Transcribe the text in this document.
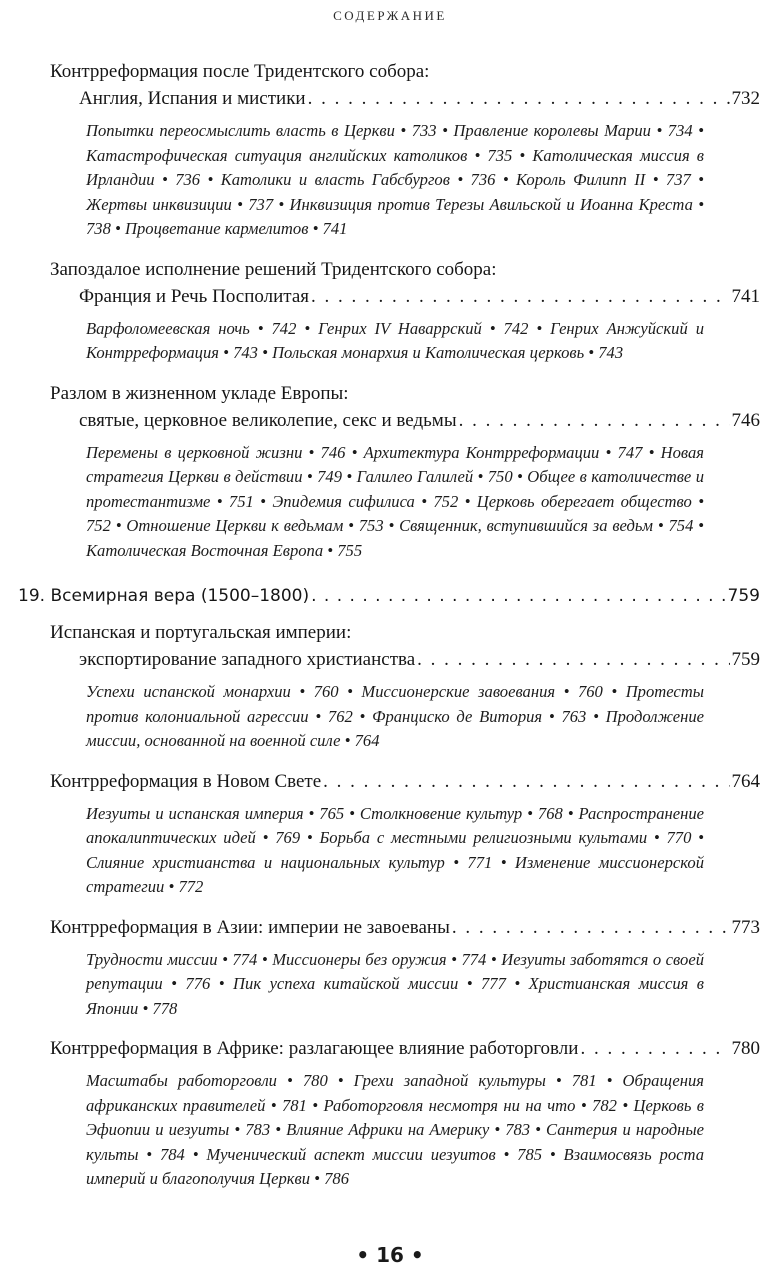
СОДЕРЖАНИЕ
Контрреформация после Тридентского собора:
Англия, Испания и мистики . . .	732
Попытки переосмыслить власть в Церкви • 733 • Правление королевы Марии • 734 • Катастрофическая ситуация английских католиков • 735 • Католическая миссия в Ирландии • 736 • Католики и власть Габсбургов • 736 • Король Филипп II • 737 • Жертвы инквизиции • 737 • Инквизиция против Терезы Авильской и Иоанна Креста • 738 • Процветание кармелитов • 741
Запоздалое исполнение решений Тридентского собора:
Франция и Речь Посполитая . . .	741
Варфоломеевская ночь • 742 • Генрих IV Наваррский • 742 • Генрих Анжуйский и Контрреформация • 743 • Польская монархия и Католическая церковь • 743
Разлом в жизненном укладе Европы:
святые, церковное великолепие, секс и ведьмы . . .	746
Перемены в церковной жизни • 746 • Архитектура Контрреформации • 747 • Новая стратегия Церкви в действии • 749 • Галилео Галилей • 750 • Общее в католичестве и протестантизме • 751 • Эпидемия сифилиса • 752 • Церковь оберегает общество • 752 • Отношение Церкви к ведьмам • 753 • Священник, вступившийся за ведьм • 754 • Католическая Восточная Европа • 755
19. Всемирная вера (1500–1800) . . .	759
Испанская и португальская империи:
экспортирование западного христианства . . .	759
Успехи испанской монархии • 760 • Миссионерские завоевания • 760 • Протесты против колониальной агрессии • 762 • Франциско де Витория • 763 • Продолжение миссии, основанной на военной силе • 764
Контрреформация в Новом Свете . . .	764
Иезуиты и испанская империя • 765 • Столкновение культур • 768 • Распространение апокалиптических идей • 769 • Борьба с местными религиозными культами • 770 • Слияние христианства и национальных культур • 771 • Изменение миссионерской стратегии • 772
Контрреформация в Азии: империи не завоеваны . . .	773
Трудности миссии • 774 • Миссионеры без оружия • 774 • Иезуиты заботятся о своей репутации • 776 • Пик успеха китайской миссии • 777 • Христианская миссия в Японии • 778
Контрреформация в Африке: разлагающее влияние работорговли . . .	780
Масштабы работорговли • 780 • Грехи западной культуры • 781 • Обращения африканских правителей • 781 • Работорговля несмотря ни на что • 782 • Церковь в Эфиопии и иезуиты • 783 • Влияние Африки на Америку • 783 • Сантерия и народные культы • 784 • Мученический аспект миссии иезуитов • 785 • Взаимосвязь роста империй и благополучия Церкви • 786
• 16 •
